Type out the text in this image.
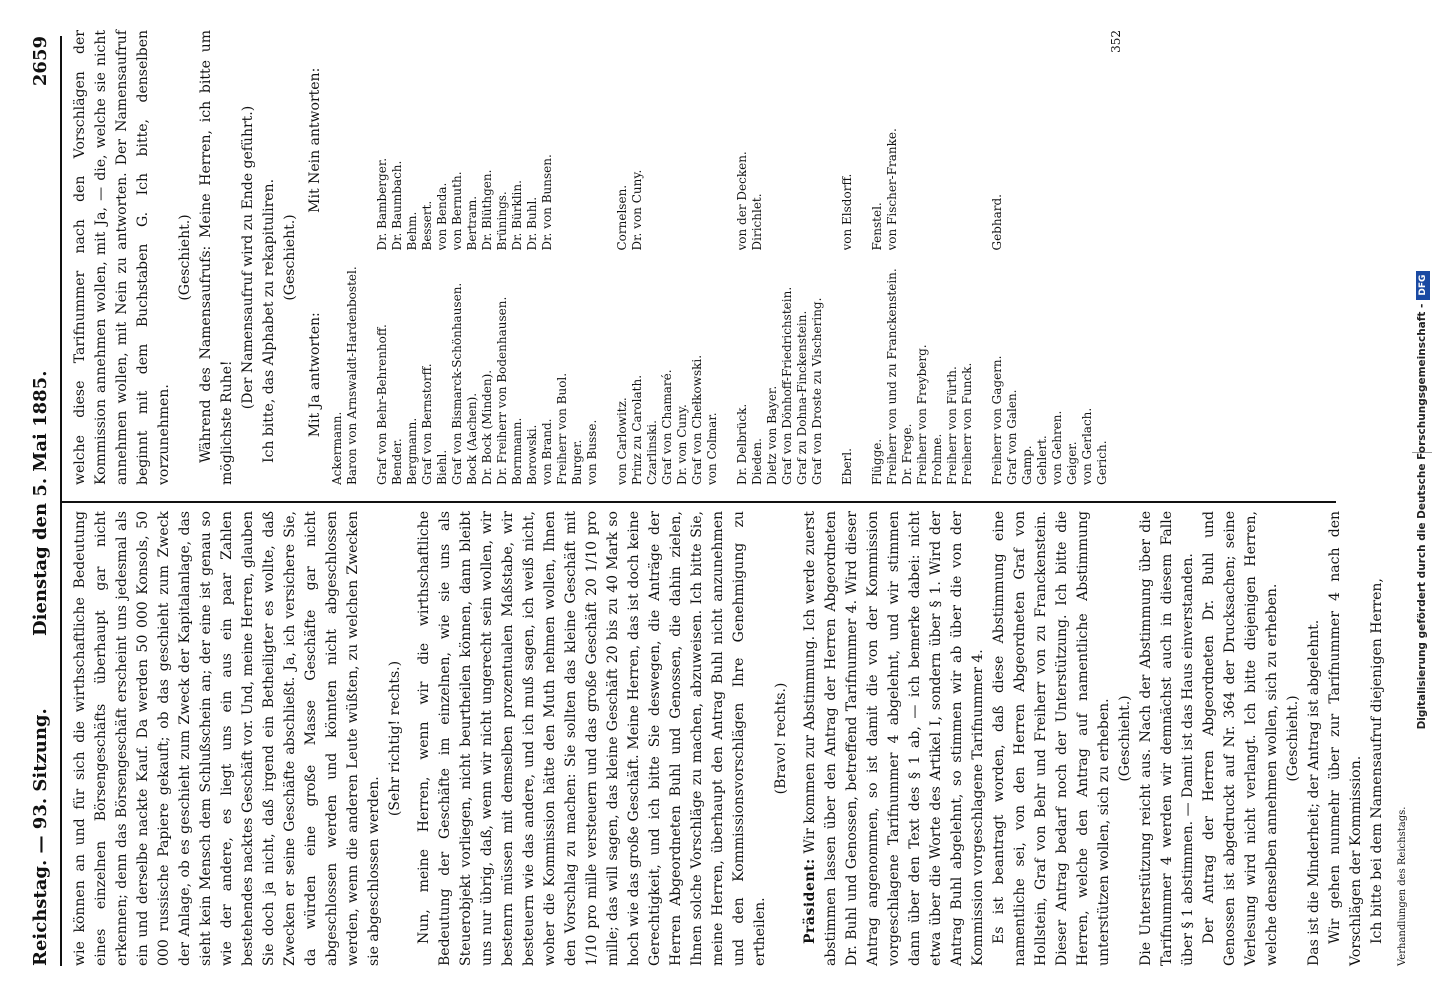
Reichstag. — 93. Sitzung.
Dienstag den 5. Mai 1885.
2659

wie können an und für sich die wirthschaftliche Bedeutung eines einzelnen Börsengeschäfts überhaupt gar nicht erkennen; denn das Börsengeschäft erscheint uns jedesmal als ein und derselbe nackte Kauf. Da werden 50 000 Konsols, 50 000 russische Papiere gekauft; ob das geschieht zum Zweck der Anlage, ob es geschieht zum Zweck der Kapitalanlage, das sieht kein Mensch dem Schlußschein an; der eine ist genau so wie der andere, es liegt uns ein aus ein paar Zahlen bestehendes nacktes Geschäft vor. Und, meine Herren, glauben Sie doch ja nicht, daß irgend ein Betheiligter es wollte, daß Zwecken er seine Geschäfte abschließt. Ja, ich versichere Sie, da würden eine große Masse Geschäfte gar nicht abgeschlossen werden und könnten nicht abgeschlossen werden, wenn die anderen Leute wüßten, zu welchen Zwecken sie abgeschlossen werden.

(Sehr richtig! rechts.) Nun, meine Herren, wenn wir die wirthschaftliche Bedeutung der Geschäfte im einzelnen, wie sie uns als Steuerobjekt vorliegen, nicht beurtheilen können, dann bleibt uns nur übrig, daß, wenn wir nicht ungerecht sein wollen, wir bestenrn müssen mit demselben prozentualen Maßstabe, wir besteuern wie das andere, und ich muß sagen, ich weiß nicht, woher die Kommission hätte den Muth nehmen wollen, Ihnen den Vorschlag zu machen: Sie sollten das kleine Geschäft mit 1/10 pro mille versteuern und das große Geschäft 20 1/10 pro mille; das will sagen, das kleine Geschäft 20 bis zu 40 Mark so hoch wie das große Geschäft. Meine Herren, das ist doch keine Gerechtigkeit, und ich bitte Sie deswegen, die Anträge der Herren Abgeordneten Buhl und Genossen, die dahin zielen, Ihnen solche Vorschläge zu machen, abzuweisen. Ich bitte Sie, meine Herren, überhaupt den Antrag Buhl nicht anzunehmen und den Kommissionsvorschlägen Ihre Genehmigung zu ertheilen.

(Bravo! rechts.)

Präsident: Wir kommen zur Abstimmung. Ich werde zuerst abstimmen lassen über den Antrag der Herren Abgeordneten Dr. Buhl und Genossen, betreffend Tarifnummer 4. Wird dieser Antrag angenommen, so ist damit die von der Kommission vorgeschlagene Tarifnummer 4 abgelehnt, und wir stimmen dann über den Text des § 1 ab, — ich bemerke dabei: nicht etwa über die Worte des Artikel I, sondern über § 1. Wird der Antrag Buhl abgelehnt, so stimmen wir ab über die von der Kommission vorgeschlagene Tarifnummer 4. Es ist beantragt worden, daß diese Abstimmung eine namentliche sei, von den Herren Abgeordneten Graf von Hollstein, Graf von Behr und Freiherr von zu Franckenstein. Dieser Antrag bedarf noch der Unterstützung. Ich bitte die Herren, welche den Antrag auf namentliche Abstimmung unterstützen wollen, sich zu erheben. (Geschieht.) Die Unterstützung reicht aus. Nach der Abstimmung über die Tarifnummer 4 werden wir demnächst auch in diesem Falle über § 1 abstimmen. — Damit ist das Haus einverstanden. Der Antrag der Herren Abgeordneten Dr. Buhl und Genossen ist abgedruckt auf Nr. 364 der Drucksachen; seine Verlesung wird nicht verlangt. Ich bitte diejenigen Herren, welche denselben annehmen wollen, sich zu erheben. (Geschieht.) Das ist die Minderheit; der Antrag ist abgelehnt. Wir gehen nunmehr über zur Tarifnummer 4 nach den Vorschlägen der Kommission. Ich bitte bei dem Namensaufruf diejenigen Herren,	Verhandlungen des Reichstags.

welche diese Tarifnummer nach den Vorschlägen der Kommission annehmen wollen, mit Ja, — die, welche sie nicht annehmen wollen, mit Nein zu antworten. Der Namensaufruf beginnt mit dem Buchstaben G. Ich bitte, denselben vorzunehmen.

(Geschieht.) Während des Namensaufrufs: Meine Herren, ich bitte um möglichste Ruhe!

(Der Namensaufruf wird zu Ende geführt.) Ich bitte, das Alphabet zu rekapituliren. (Geschieht.)

Mit Ja antworten:
Mit Nein antworten:
Ackermann. Baron von Arnswaldt-Hardenbostel. Graf von Behr-Behrenhoff.
Dr. Bamberger.
Bender.
Dr. Baumbach.
Bergmann.
Behm.
Graf von Bernstorff.
Bessert.
Biehl.
von Benda.
Graf von Bismarck-Schönhausen.
von Bernuth.
Bock (Aachen).
Bertram.
Dr. Bock (Minden).
Dr. Blüthgen.
Dr. Freiherr von Bodenhausen.
Brünings.
Bornmann.
Dr. Bürklin.
Borowski.
Dr. Buhl.
von Brand.
Dr. von Bunsen.
Freiherr von Buol. Burger. von Busse. von Carlowitz.
Cornelsen.
Prinz zu Carolath.
Dr. von Cuny.
Czarlinski. Graf von Chamaré. Dr. von Cuny. Graf von Chełkowski. von Colmar. Dr. Delbrück.
von der Decken.
Dieden.
Dirichlet.
Dietz von Bayer. Graf von Dönhoff-Friedrichstein. Graf zu Dohna-Finckenstein. Graf von Droste zu Vischering. Eberl.
von Elsdorff.
Flügge.
Fenstel.
Freiherr von und zu Franckenstein.
von Fischer-Franke.
Dr. Frege. Freiherr von Freyberg. Frohme. Freiherr von Fürth. Freiherr von Funck. Freiherr von Gagern.
Gebhard.
Graf von Galen. Gamp. Gehlert. von Gehren. Geiger. von Gerlach. Gerich.
352
Digitalisierung gefördert durch die Deutsche Forschungsgemeinschaft -DFG
